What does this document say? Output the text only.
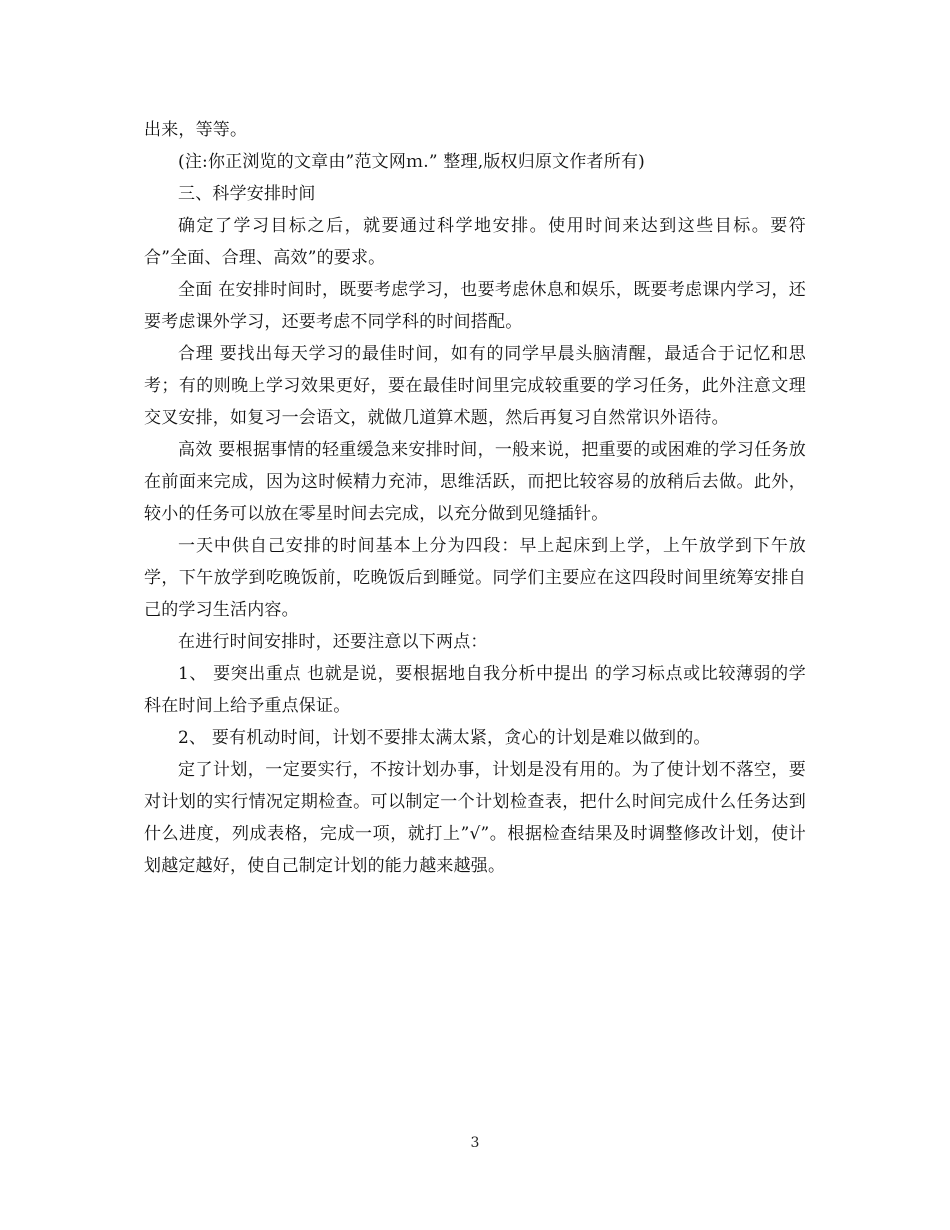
出来，等等。

(注:你正浏览的文章由”范文网ｍ.” 整理,版权归原文作者所有)

三、科学安排时间

确定了学习目标之后，就要通过科学地安排。使用时间来达到这些目标。要符合”全面、合理、高效”的要求。

全面 在安排时间时，既要考虑学习，也要考虑休息和娱乐，既要考虑课内学习，还要考虑课外学习，还要考虑不同学科的时间搭配。

合理 要找出每天学习的最佳时间，如有的同学早晨头脑清醒，最适合于记忆和思考；有的则晚上学习效果更好，要在最佳时间里完成较重要的学习任务，此外注意文理交叉安排，如复习一会语文，就做几道算术题，然后再复习自然常识外语待。

高效 要根据事情的轻重缓急来安排时间，一般来说，把重要的或困难的学习任务放在前面来完成，因为这时候精力充沛，思维活跃，而把比较容易的放稍后去做。此外，较小的任务可以放在零星时间去完成，以充分做到见缝插针。

一天中供自己安排的时间基本上分为四段：早上起床到上学，上午放学到下午放学，下午放学到吃晚饭前，吃晚饭后到睡觉。同学们主要应在这四段时间里统筹安排自己的学习生活内容。

在进行时间安排时，还要注意以下两点：

1、 要突出重点 也就是说，要根据地自我分析中提出 的学习标点或比较薄弱的学科在时间上给予重点保证。

2、 要有机动时间，计划不要排太满太紧，贪心的计划是难以做到的。

定了计划，一定要实行，不按计划办事，计划是没有用的。为了使计划不落空，要对计划的实行情况定期检查。可以制定一个计划检查表，把什么时间完成什么任务达到什么进度，列成表格，完成一项，就打上”√”。根据检查结果及时调整修改计划，使计划越定越好，使自己制定计划的能力越来越强。

3
